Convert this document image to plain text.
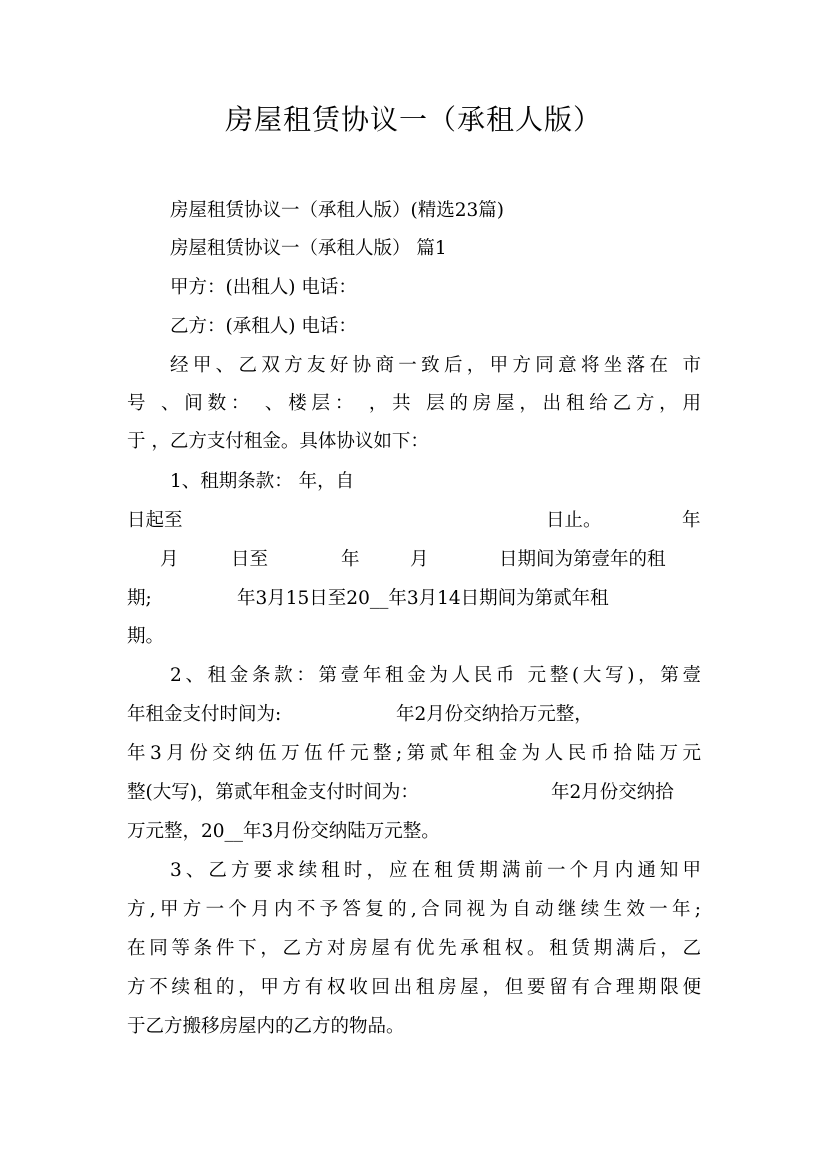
房屋租赁协议一（承租人版）
房屋租赁协议一（承租人版）(精选23篇)
房屋租赁协议一（承租人版） 篇1
甲方：(出租人) 电话：
乙方：(承租人) 电话：
经甲、乙双方友好协商一致后，甲方同意将坐落在 市
号 、间数： 、楼层： ，共 层的房屋，出租给乙方，用
于 ，乙方支付租金。具体协议如下：
1、租期条款： 年，自
日起至	日止。	年
月	日至	年	月	日期间为第壹年的租
期;	年3月15日至20__年3月14日期间为第贰年租
期。
2、租金条款：第壹年租金为人民币 元整(大写)，第壹
年租金支付时间为:	年2月份交纳拾万元整，
年3月份交纳伍万伍仟元整;第贰年租金为人民币拾陆万元
整(大写)，第贰年租金支付时间为：	年2月份交纳拾
万元整，20__年3月份交纳陆万元整。
3、乙方要求续租时，应在租赁期满前一个月内通知甲
方,甲方一个月内不予答复的,合同视为自动继续生效一年;
在同等条件下，乙方对房屋有优先承租权。租赁期满后，乙
方不续租的，甲方有权收回出租房屋，但要留有合理期限便
于乙方搬移房屋内的乙方的物品。
